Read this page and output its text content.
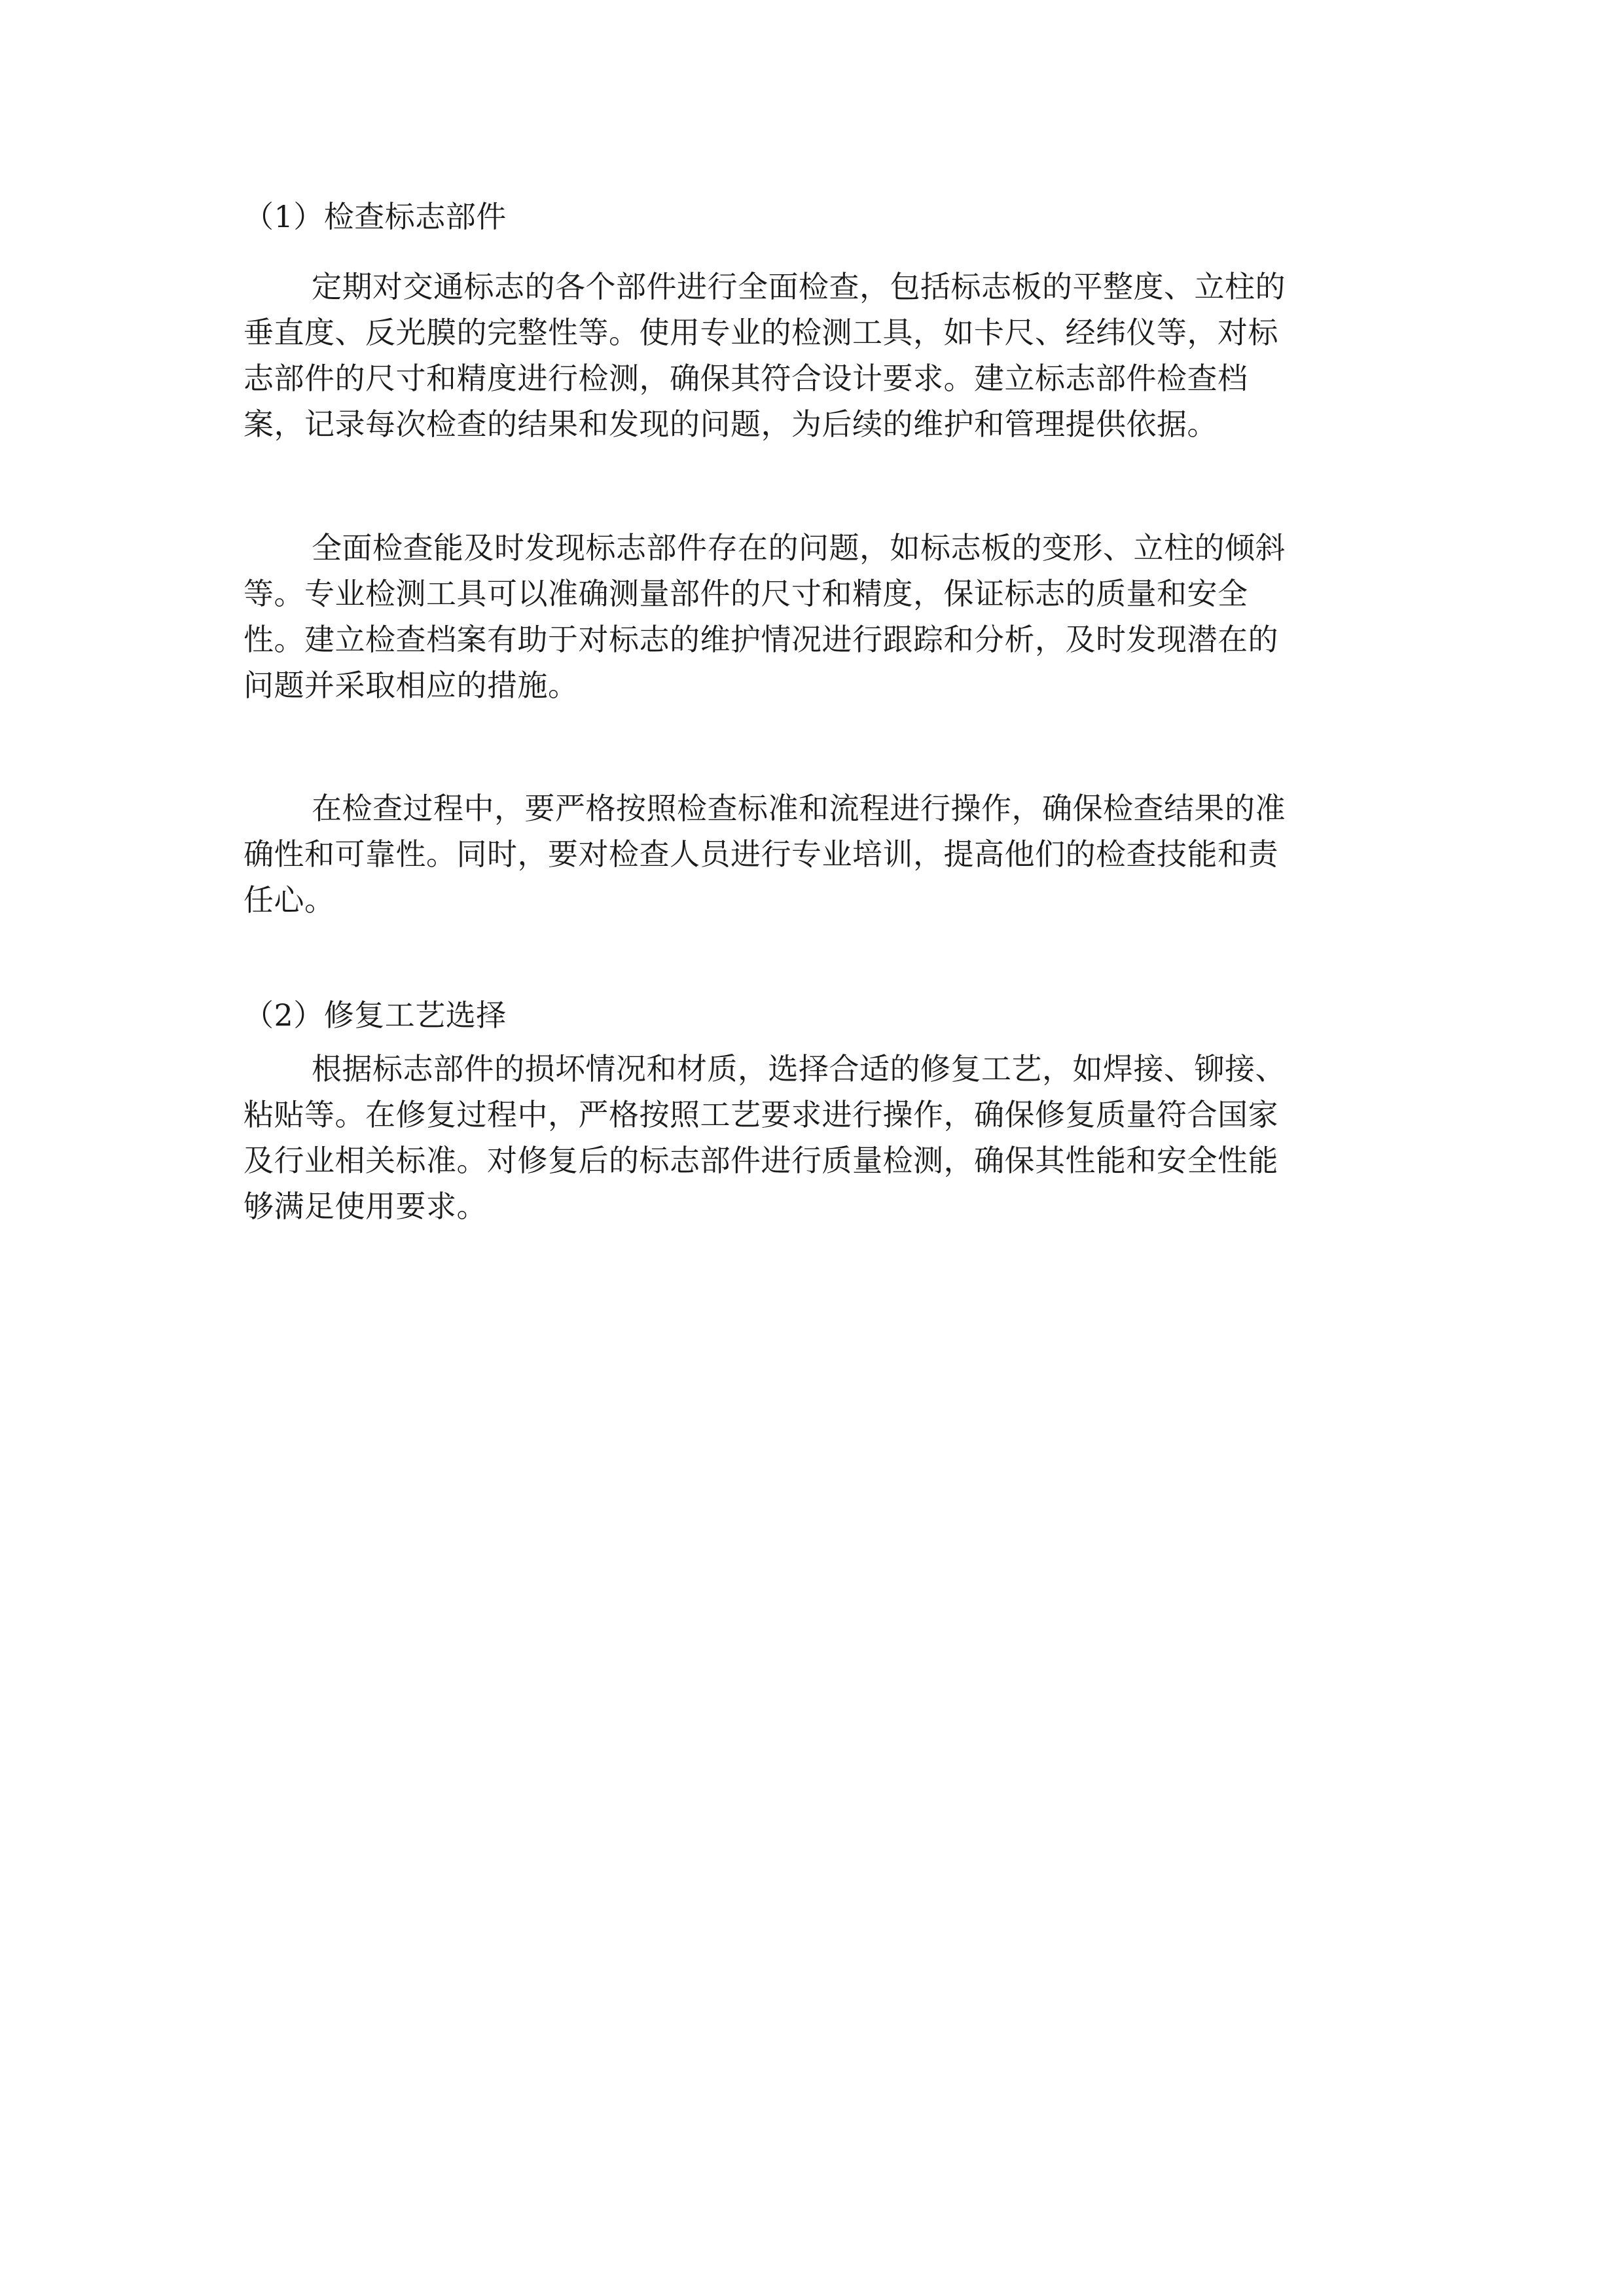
（1）检查标志部件

定期对交通标志的各个部件进行全面检查，包括标志板的平整度、立柱的
垂直度、反光膜的完整性等。使用专业的检测工具，如卡尺、经纬仪等，对标
志部件的尺寸和精度进行检测，确保其符合设计要求。建立标志部件检查档
案，记录每次检查的结果和发现的问题，为后续的维护和管理提供依据。
全面检查能及时发现标志部件存在的问题，如标志板的变形、立柱的倾斜
等。专业检测工具可以准确测量部件的尺寸和精度，保证标志的质量和安全
性。建立检查档案有助于对标志的维护情况进行跟踪和分析，及时发现潜在的
问题并采取相应的措施。
在检查过程中，要严格按照检查标准和流程进行操作，确保检查结果的准
确性和可靠性。同时，要对检查人员进行专业培训，提高他们的检查技能和责
任心。

（2）修复工艺选择

根据标志部件的损坏情况和材质，选择合适的修复工艺，如焊接、铆接、
粘贴等。在修复过程中，严格按照工艺要求进行操作，确保修复质量符合国家
及行业相关标准。对修复后的标志部件进行质量检测，确保其性能和安全性能
够满足使用要求。
